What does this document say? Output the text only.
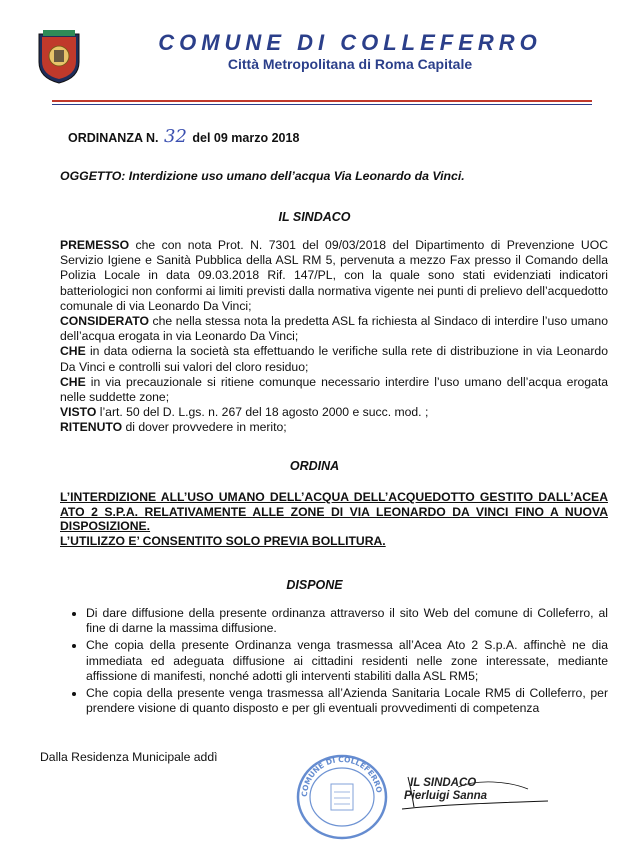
COMUNE DI COLLEFERRO
Città Metropolitana di Roma Capitale
ORDINANZA N. 32 del 09 marzo 2018
OGGETTO: Interdizione uso umano dell’acqua Via Leonardo da Vinci.
IL SINDACO

PREMESSO che con nota Prot. N. 7301 del 09/03/2018 del Dipartimento di Prevenzione UOC Servizio Igiene e Sanità Pubblica della ASL RM 5, pervenuta a mezzo Fax presso il Comando della Polizia Locale in data 09.03.2018 Rif. 147/PL, con la quale sono stati evidenziati indicatori batteriologici non conformi ai limiti previsti dalla normativa vigente nei punti di prelievo dell’acquedotto comunale di via Leonardo Da Vinci;

CONSIDERATO che nella stessa nota la predetta ASL fa richiesta al Sindaco di interdire l’uso umano dell’acqua erogata in via Leonardo Da Vinci;

CHE in data odierna la società sta effettuando le verifiche sulla rete di distribuzione in via Leonardo Da Vinci e controlli sui valori del cloro residuo;

CHE in via precauzionale si ritiene comunque necessario interdire l’uso umano dell’acqua erogata nelle suddette zone;

VISTO l’art. 50 del D. L.gs. n. 267 del 18 agosto 2000 e succ. mod. ;

RITENUTO di dover provvedere in merito;

ORDINA

L’INTERDIZIONE ALL’USO UMANO DELL’ACQUA DELL’ACQUEDOTTO GESTITO DALL’ACEA ATO 2 S.P.A. RELATIVAMENTE ALLE ZONE DI VIA LEONARDO DA VINCI FINO A NUOVA DISPOSIZIONE.

L’UTILIZZO E’ CONSENTITO SOLO PREVIA BOLLITURA.

DISPONE
• Di dare diffusione della presente ordinanza attraverso il sito Web del comune di Colleferro, al fine di darne la massima diffusione.
• Che copia della presente Ordinanza venga trasmessa all’Acea Ato 2 S.p.A. affinchè ne dia immediata ed adeguata diffusione ai cittadini residenti nelle zone interessate, mediante affissione di manifesti, nonché adotti gli interventi stabiliti dalla ASL RM5;
• Che copia della presente venga trasmessa all’Azienda Sanitaria Locale RM5 di Colleferro, per prendere visione di quanto disposto e per gli eventuali provvedimenti di competenza
Dalla Residenza Municipale addì
COMUNE DI COLLEFERRO
IL SINDACO
Pierluigi Sanna
